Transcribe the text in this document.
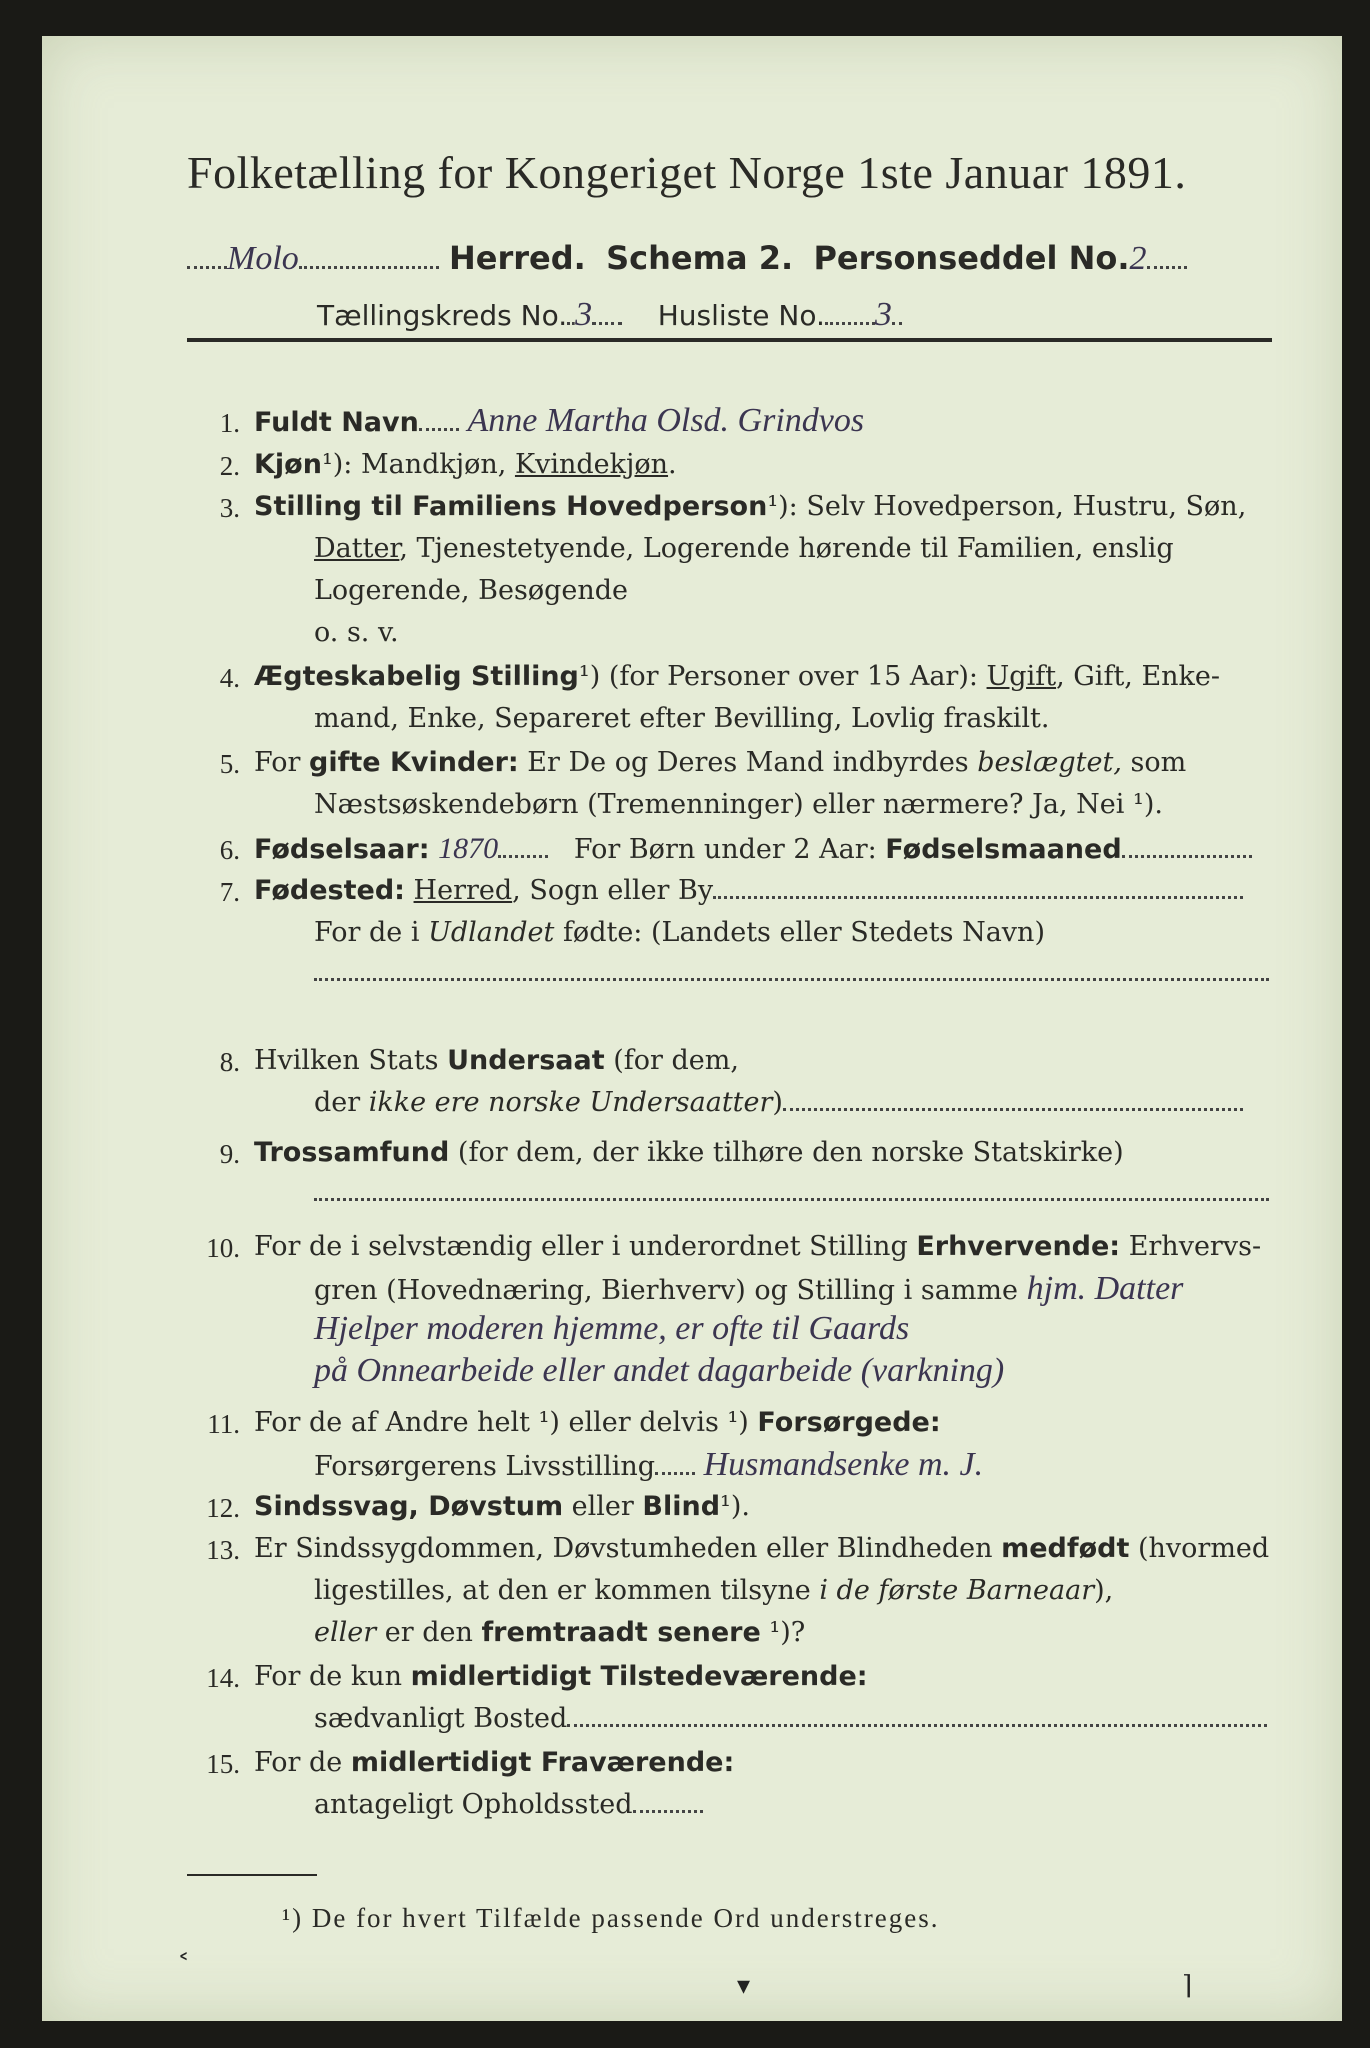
Folketælling for Kongeriget Norge 1ste Januar 1891.
Molo	Herred. Schema 2. Personseddel No.2
Tællingskreds No. 3 Husliste No. 3
1. Fuldt Navn Anne Martha Olsd. Grindvos
2. Kjøn¹): Mandkjøn, Kvindekjøn.
3. Stilling til Familiens Hovedperson¹): Selv Hovedperson, Hustru, Søn,
Datter, Tjenestetyende, Logerende hørende til Familien, enslig
Logerende, Besøgende
o. s. v.
4. Ægteskabelig Stilling¹) (for Personer over 15 Aar): Ugift, Gift, Enke-
mand, Enke, Separeret efter Bevilling, Lovlig fraskilt.
5. For gifte Kvinder: Er De og Deres Mand indbyrdes beslægtet, som
Næstsøskendebørn (Tremenninger) eller nærmere? Ja, Nei ¹).
6. Fødselsaar: 1870	For Børn under 2 Aar: Fødselsmaaned
7. Fødested: Herred, Sogn eller By
For de i Udlandet fødte: (Landets eller Stedets Navn)
8. Hvilken Stats Undersaat (for dem,
der ikke ere norske Undersaatter)
9. Trossamfund (for dem, der ikke tilhøre den norske Statskirke)
10. For de i selvstændig eller i underordnet Stilling Erhvervende: Erhvervs-
gren (Hovednæring, Bierhverv) og Stilling i samme hjm. Datter
Hjelper moderen hjemme, er ofte til Gaards
på Onnearbeide eller andet dagarbeide (varkning)
11. For de af Andre helt ¹) eller delvis ¹) Forsørgede:
Forsørgerens Livsstilling Husmandsenke m. J.
12. Sindssvag, Døvstum eller Blind¹).
13. Er Sindssygdommen, Døvstumheden eller Blindheden medfødt (hvormed
ligestilles, at den er kommen tilsyne i de første Barneaar),
eller er den fremtraadt senere ¹)?
14. For de kun midlertidigt Tilstedeværende:
sædvanligt Bosted
15. For de midlertidigt Fraværende:
antageligt Opholdssted
¹) De for hvert Tilfælde passende Ord understreges.
˂
▾	⌉
